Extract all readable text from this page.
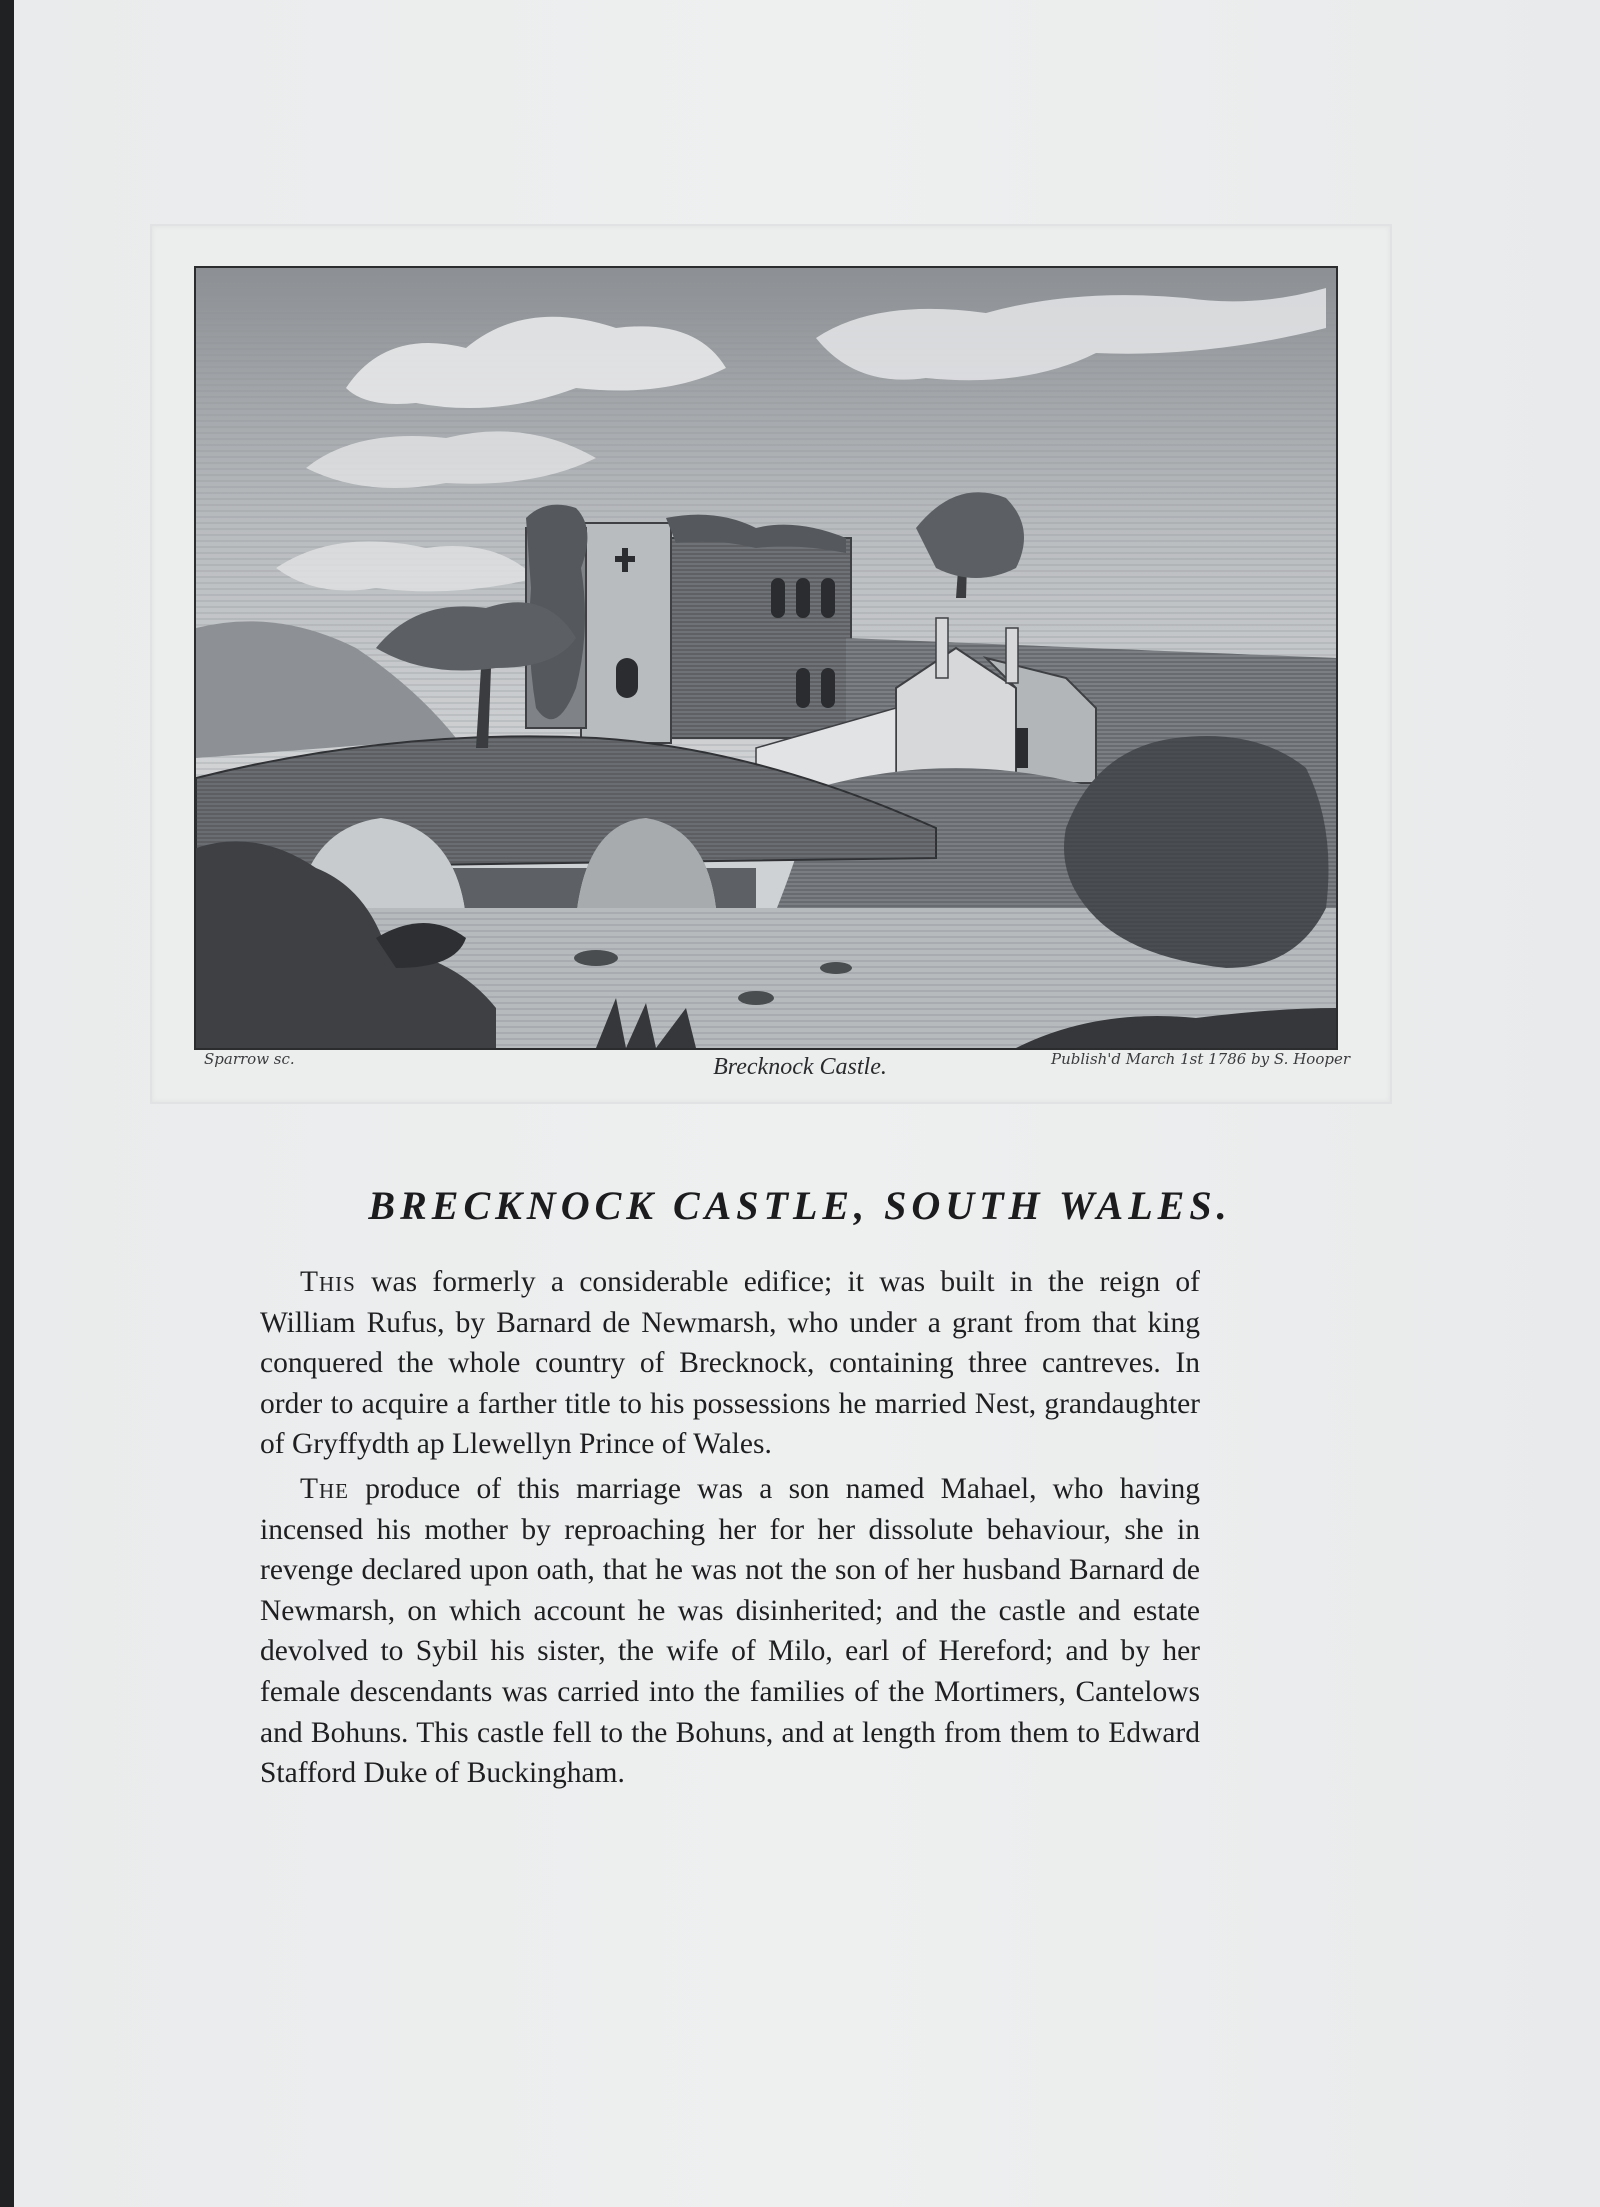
Sparrow sc.	Brecknock Castle.	Publish'd March 1st 1786 by S. Hooper
BRECKNOCK CASTLE, SOUTH WALES.

This was formerly a considerable edifice; it was built in the reign of William Rufus, by Barnard de Newmarsh, who under a grant from that king conquered the whole country of Brecknock, containing three cantreves. In order to acquire a farther title to his possessions he married Nest, grandaughter of Gryffydth ap Llewellyn Prince of Wales.

The produce of this marriage was a son named Mahael, who having incensed his mother by reproaching her for her dissolute behaviour, she in revenge declared upon oath, that he was not the son of her husband Barnard de Newmarsh, on which account he was disinherited; and the castle and estate devolved to Sybil his sister, the wife of Milo, earl of Hereford; and by her female descendants was carried into the families of the Mortimers, Cantelows and Bohuns. This castle fell to the Bohuns, and at length from them to Edward Stafford Duke of Buckingham.
